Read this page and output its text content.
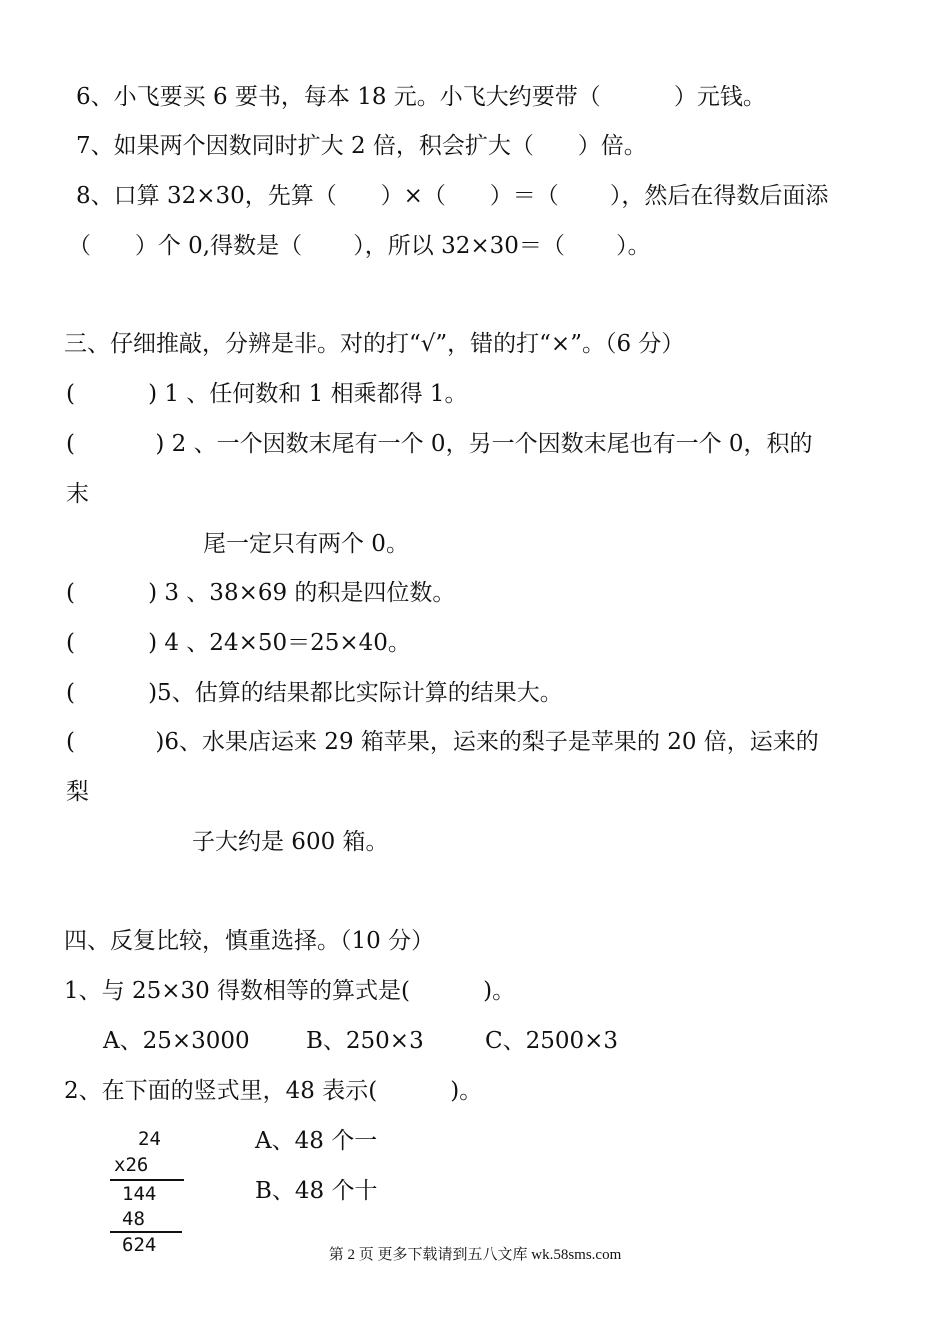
6、小飞要买 6 要书，每本 18 元。小飞大约要带（          ）元钱。
7、如果两个因数同时扩大 2 倍，积会扩大（      ）倍。
8、口算 32×30，先算（      ）×（      ）＝（       ），然后在得数后面添
（      ）个 0,得数是（       ），所以 32×30＝（       ）。
三、仔细推敲，分辨是非。对的打“√”，错的打“×”。（6 分）
(          ) 1 、任何数和 1 相乘都得 1。
(           ) 2 、一个因数末尾有一个 0，另一个因数末尾也有一个 0，积的
末
尾一定只有两个 0。
(          ) 3 、38×69 的积是四位数。
(          ) 4 、24×50＝25×40。
(          )5、估算的结果都比实际计算的结果大。
(           )6、水果店运来 29 箱苹果，运来的梨子是苹果的 20 倍，运来的
梨
子大约是 600 箱。
四、反复比较，慎重选择。（10 分）
1、与 25×30 得数相等的算式是(          )。
A、25×3000 B、250×3	C、2500×3
2、在下面的竖式里，48 表示(          )。
24
x26
144
48
624
A、48 个一
B、48 个十
第 2 页 更多下载请到五八文库 wk.58sms.com
